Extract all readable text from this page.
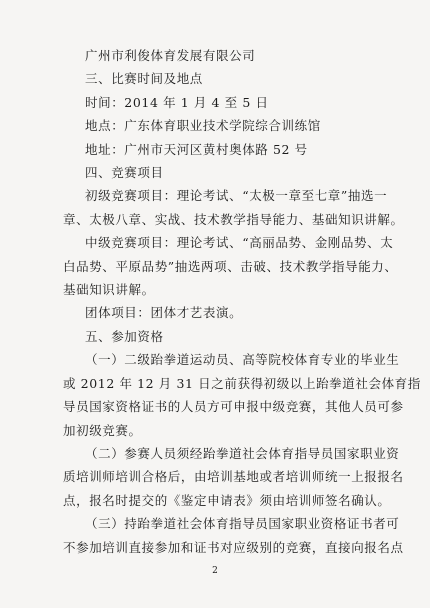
广州市利俊体育发展有限公司

三、比赛时间及地点

时间：2014 年 1 月 4 至 5 日

地点：广东体育职业技术学院综合训练馆

地址：广州市天河区黄村奥体路 52 号

四、竞赛项目

初级竞赛项目：理论考试、“太极一章至七章”抽选一

章、太极八章、实战、技术教学指导能力、基础知识讲解。

中级竞赛项目：理论考试、“高丽品势、金刚品势、太

白品势、平原品势”抽选两项、击破、技术教学指导能力、

基础知识讲解。

团体项目：团体才艺表演。

五、参加资格

（一）二级跆拳道运动员、高等院校体育专业的毕业生

或 2012 年 12 月 31 日之前获得初级以上跆拳道社会体育指

导员国家资格证书的人员方可申报中级竞赛，其他人员可参

加初级竞赛。

（二）参赛人员须经跆拳道社会体育指导员国家职业资

质培训师培训合格后，由培训基地或者培训师统一上报报名

点，报名时提交的《鉴定申请表》须由培训师签名确认。

（三）持跆拳道社会体育指导员国家职业资格证书者可

不参加培训直接参加和证书对应级别的竞赛，直接向报名点

2
